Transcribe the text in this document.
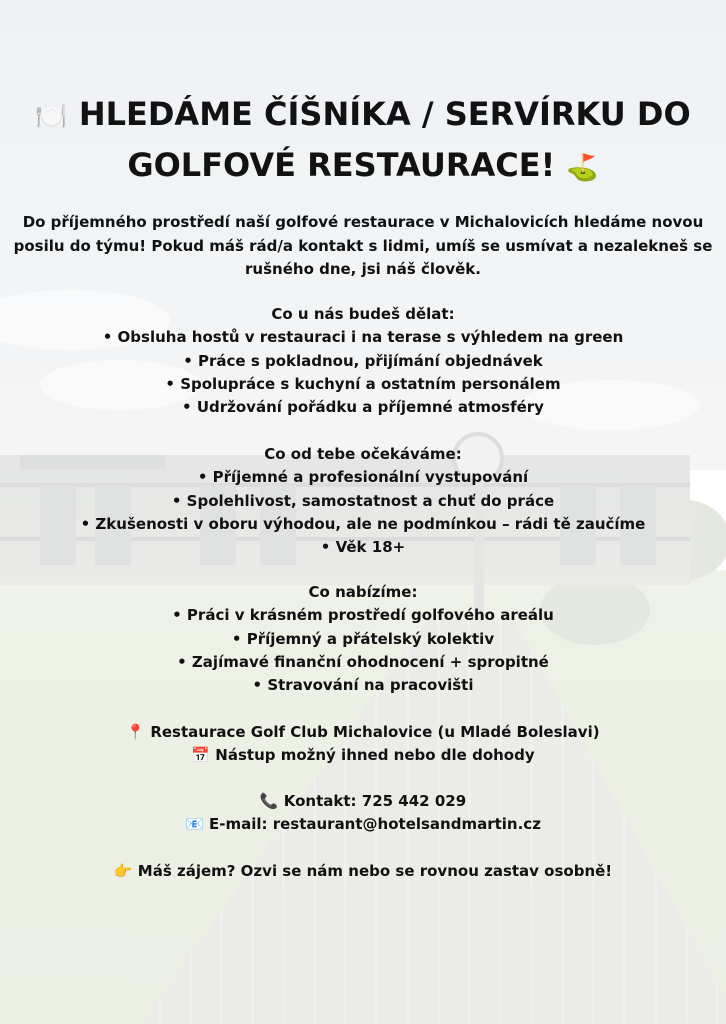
🍽️ HLEDÁME ČÍŠNÍKA / SERVÍRKU DO
GOLFOVÉ RESTAURACE! ⛳

Do příjemného prostředí naší golfové restaurace v Michalovicích hledáme novou posilu do týmu! Pokud máš rád/a kontakt s lidmi, umíš se usmívat a nezalekneš se rušného dne, jsi náš člověk.

Co u nás budeš dělat:
• Obsluha hostů v restauraci i na terase s výhledem na green
• Práce s pokladnou, přijímání objednávek
• Spolupráce s kuchyní a ostatním personálem
• Udržování pořádku a příjemné atmosféry
Co od tebe očekáváme:
• Příjemné a profesionální vystupování
• Spolehlivost, samostatnost a chuť do práce
• Zkušenosti v oboru výhodou, ale ne podmínkou – rádi tě zaučíme
• Věk 18+
Co nabízíme:
• Práci v krásném prostředí golfového areálu
• Příjemný a přátelský kolektiv
• Zajímavé finanční ohodnocení + spropitné
• Stravování na pracovišti
📍 Restaurace Golf Club Michalovice (u Mladé Boleslavi)
📅 Nástup možný ihned nebo dle dohody
📞 Kontakt: 725 442 029
📧 E-mail: restaurant@hotelsandmartin.cz
👉 Máš zájem? Ozvi se nám nebo se rovnou zastav osobně!
